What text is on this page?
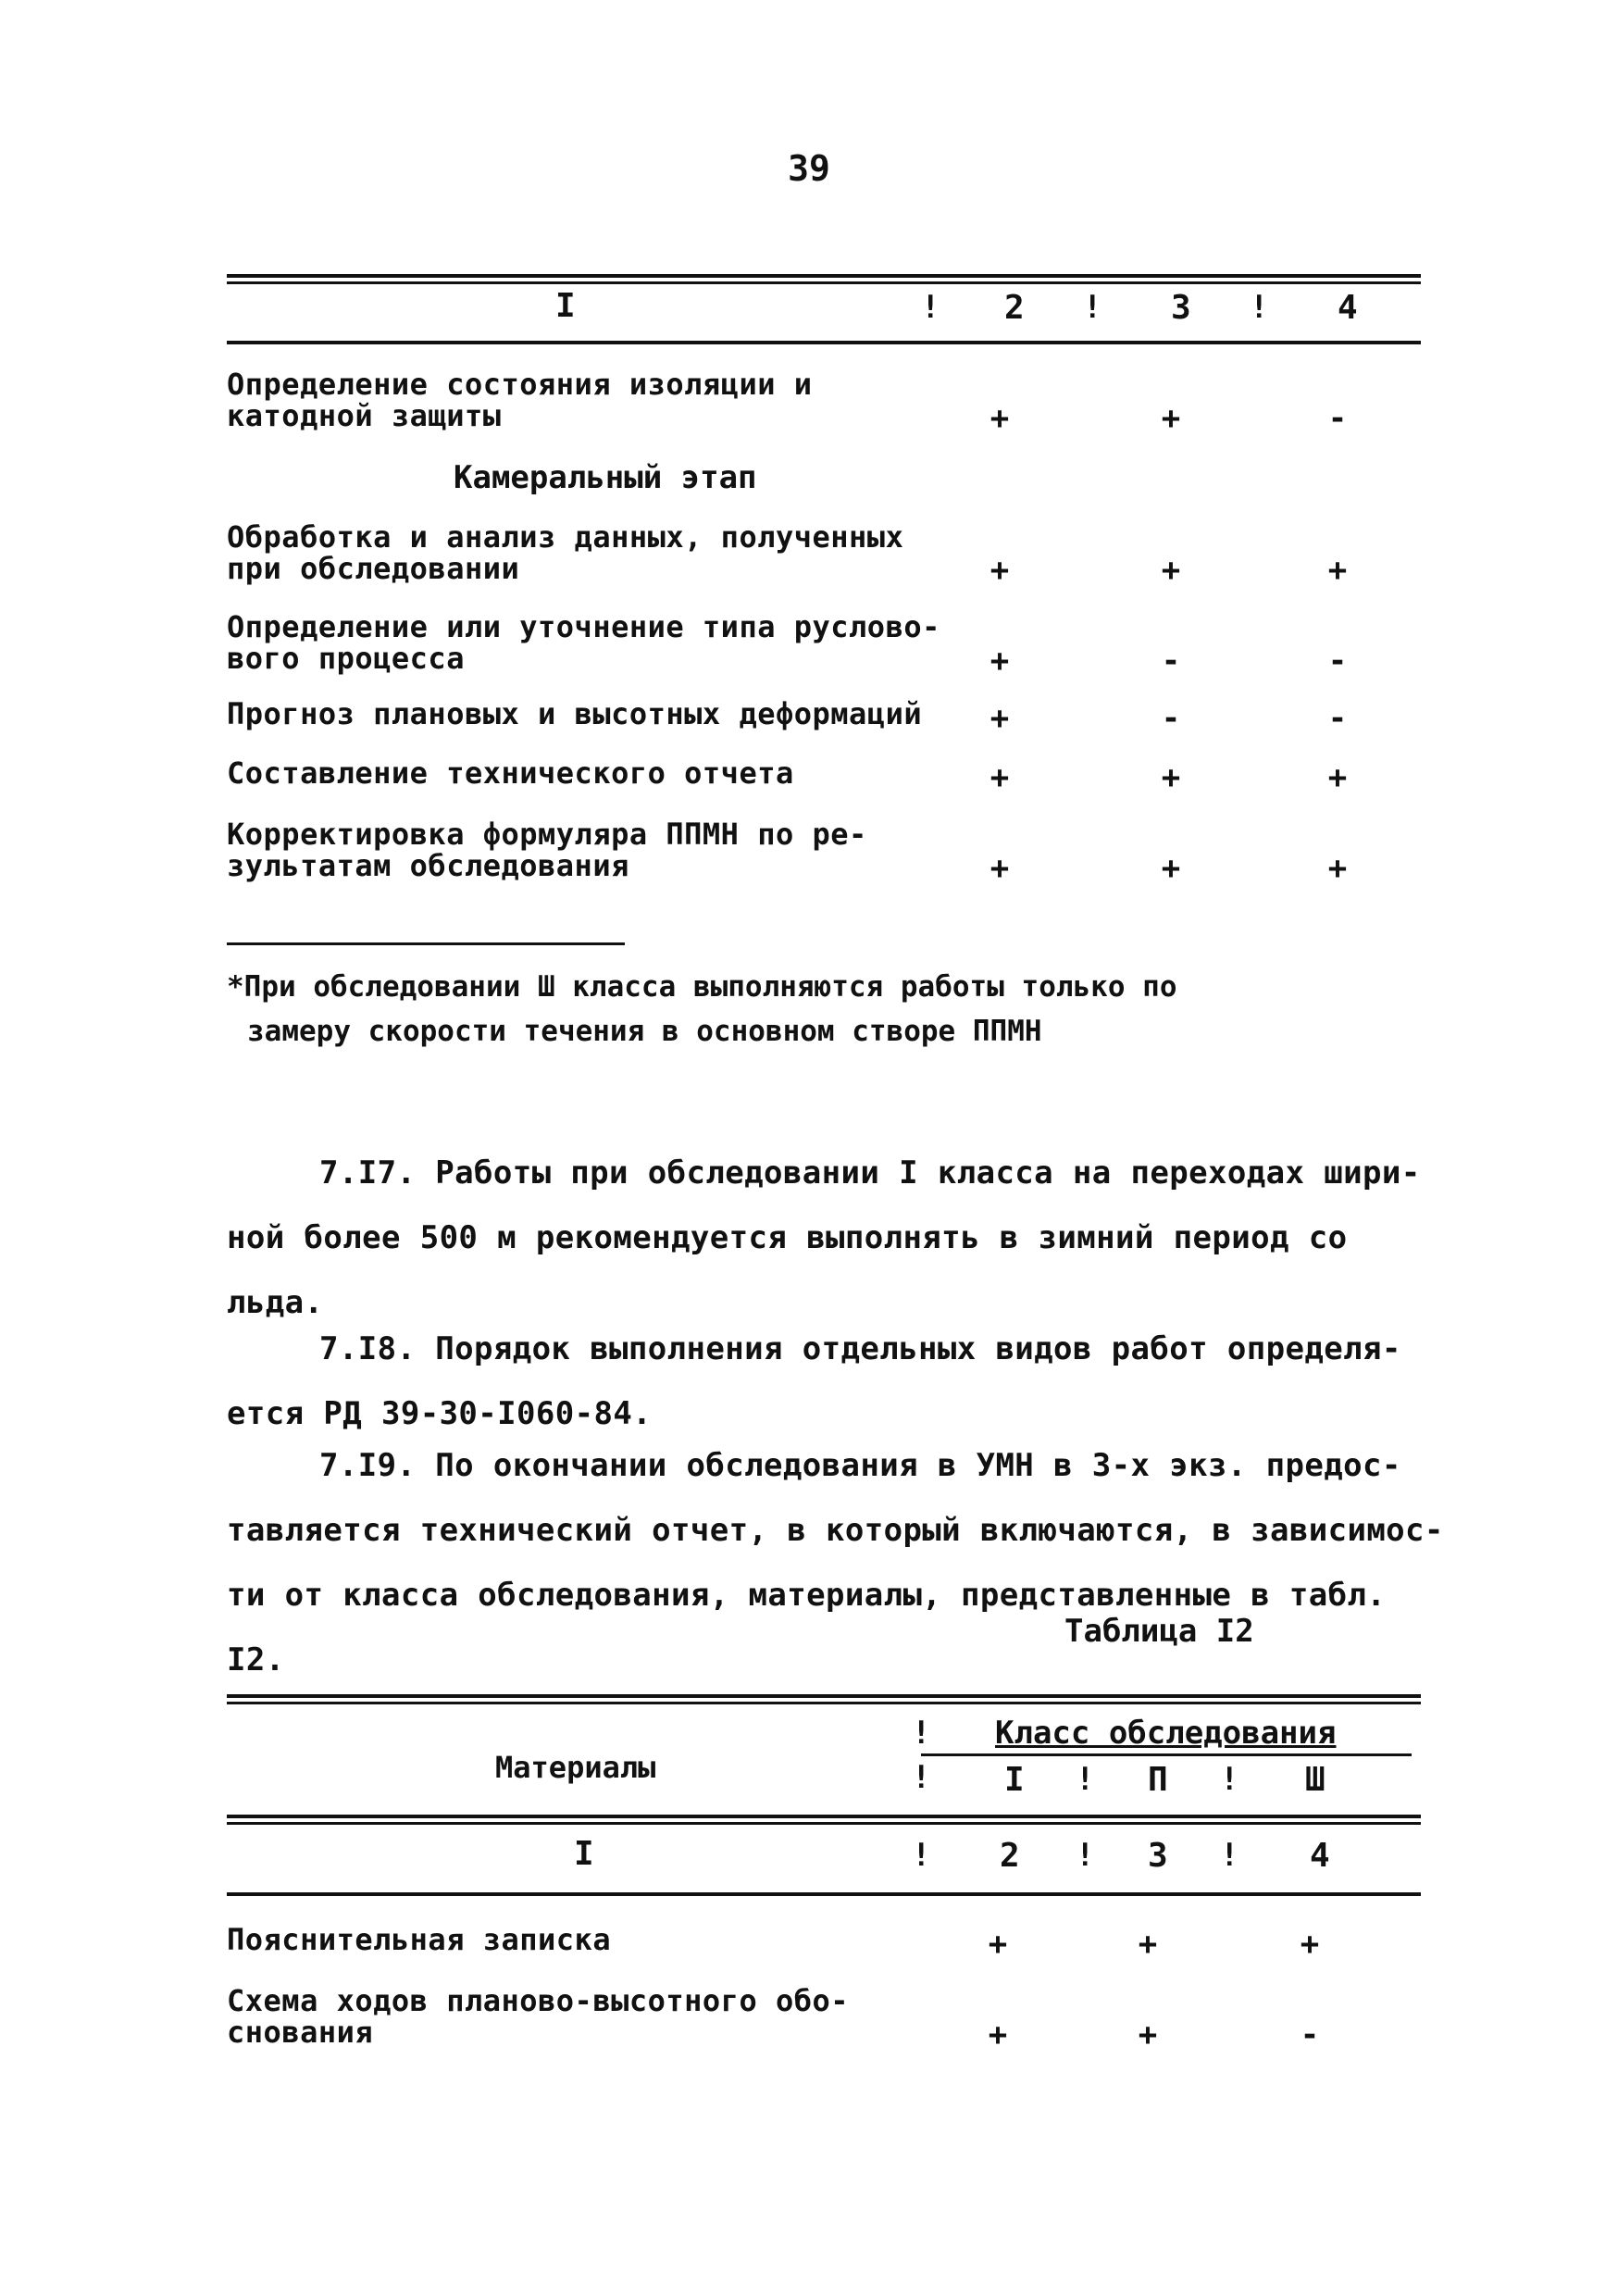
39
I	! 2 ! 3 ! 4
Определение состояния изоляции и
катодной защиты	+	+	-
Камеральный этап
Обработка и анализ данных, полученных
при обследовании	+	+	+
Определение или уточнение типа руслово-
вого процесса	+	-	-
Прогноз плановых и высотных деформаций	+	-	-
Составление технического отчета	+	+	+
Корректировка формуляра ППМН по ре-
зультатам обследования	+	+	+
*При обследовании Ш класса выполняются работы только по
замеру скорости течения в основном створе ППМН
7.I7. Работы при обследовании I класса на переходах шири-
ной более 500 м рекомендуется выполнять в зимний период со
льда.
7.I8. Порядок выполнения отдельных видов работ определя-
ется РД 39-30-I060-84.
7.I9. По окончании обследования в УМН в 3-х экз. предос-
тавляется технический отчет, в который включаются, в зависимос-
ти от класса обследования, материалы, представленные в табл. I2.
Таблица I2
Материалы
Класс обследования
!
! I ! П ! Ш
I	! 2 ! 3 ! 4
Пояснительная записка	+	+	+
Схема ходов планово-высотного обо-
снования	+	+	-
